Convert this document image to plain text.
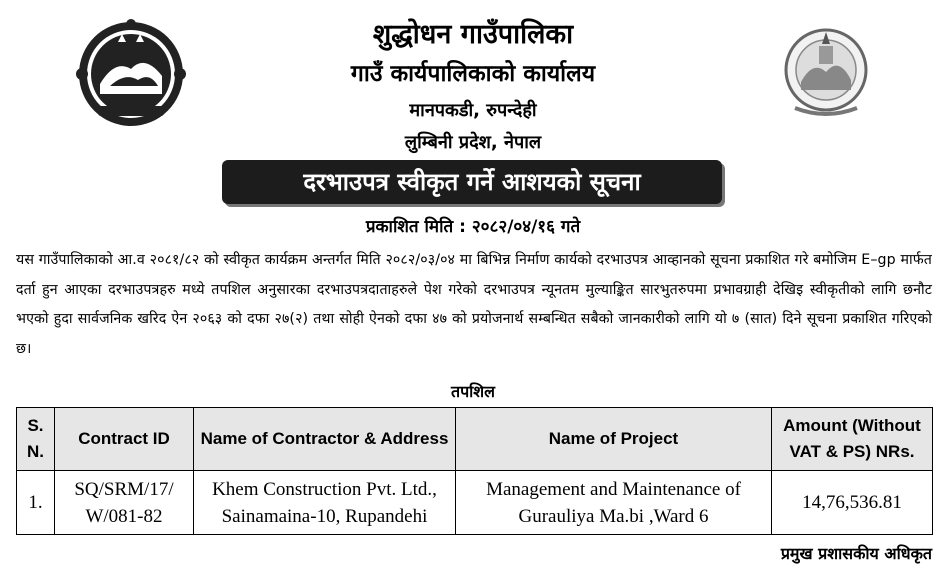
शुद्धोधन गाउँपालिका
गाउँ कार्यपालिकाको कार्यालय
मानपकडी, रुपन्देही
लुम्बिनी प्रदेश, नेपाल
दरभाउपत्र स्वीकृत गर्ने आशयको सूचना
प्रकाशित मिति : २०८२/०४/१६ गते

यस गाउँपालिकाको आ.व २०८१/८२ को स्वीकृत कार्यक्रम अन्तर्गत मिति २०८२/०३/०४ मा बिभिन्न निर्माण कार्यको दरभाउपत्र आव्हानको सूचना प्रकाशित गरे बमोजिम E–gp मार्फत दर्ता हुन आएका दरभाउपत्रहरु मध्ये तपशिल अनुसारका दरभाउपत्रदाताहरुले पेश गरेको दरभाउपत्र न्यूनतम मुल्याङ्कित सारभुतरुपमा प्रभावग्राही देखिइ स्वीकृतीको लागि छनौट भएको हुदा सार्वजनिक खरिद ऐन २०६३ को दफा २७(२) तथा सोही ऐनको दफा ४७ को प्रयोजनार्थ सम्बन्धित सबैको जानकारीको लागि यो ७ (सात) दिने सूचना प्रकाशित गरिएको छ।

तपशिल
S. N.	Contract ID	Name of Contractor & Address	Name of Project	Amount (Without VAT & PS) NRs.
1.	SQ/SRM/17/ W/081-82	Khem Construction Pvt. Ltd., Sainamaina-10, Rupandehi	Management and Maintenance of Gurauliya Ma.bi ,Ward 6	14,76,536.81
प्रमुख प्रशासकीय अधिकृत
